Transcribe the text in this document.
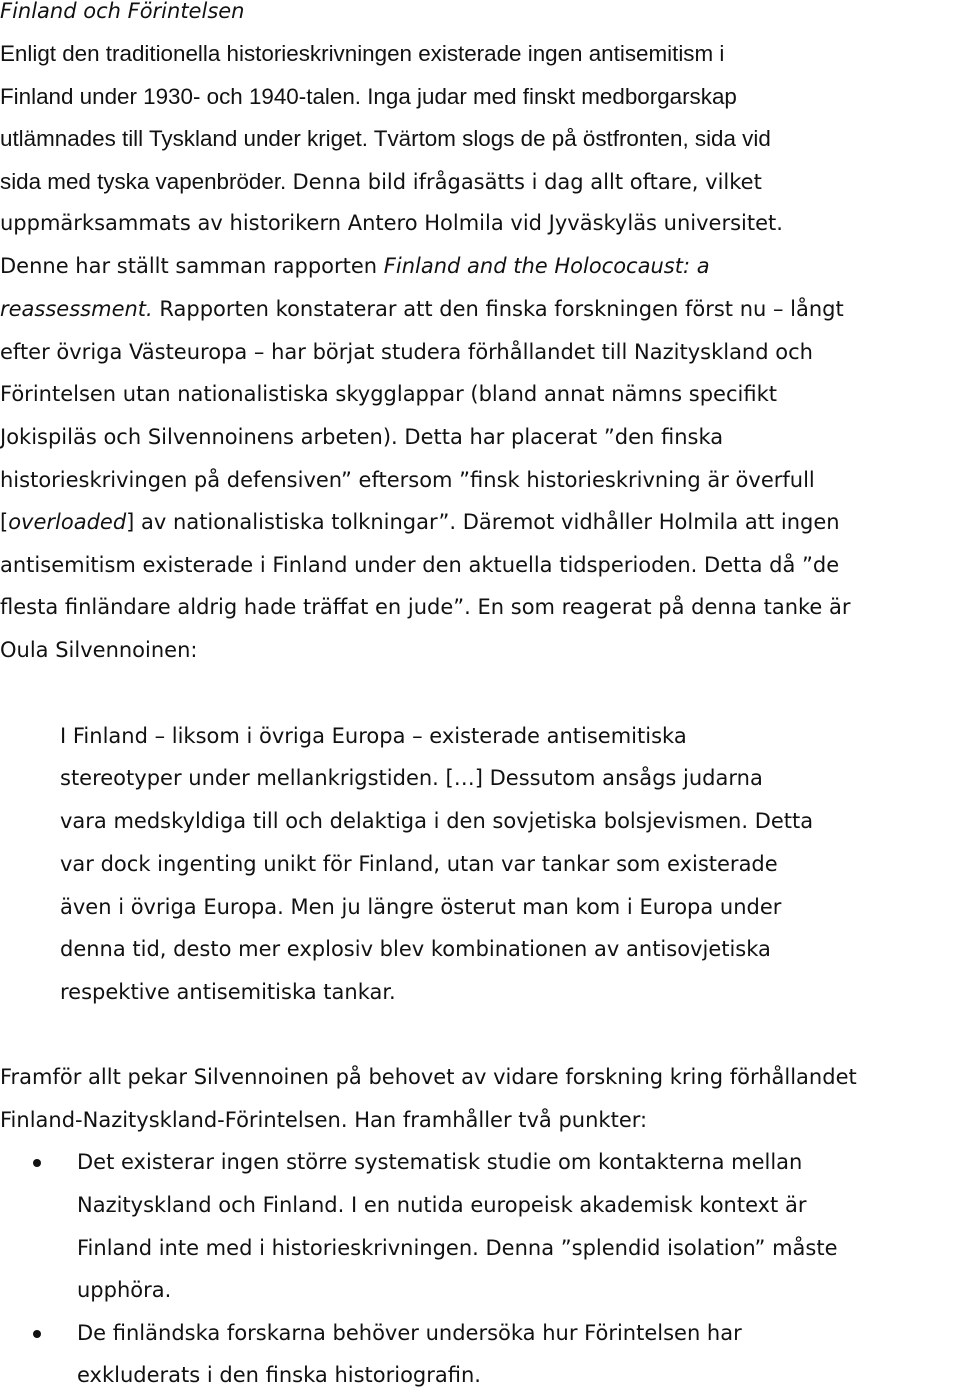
Finland och Förintelsen
Enligt den traditionella historieskrivningen existerade ingen antisemitism i
Finland under 1930- och 1940-talen. Inga judar med finskt medborgarskap
utlämnades till Tyskland under kriget. Tvärtom slogs de på östfronten, sida vid
sida med tyska vapenbröder. Denna bild ifrågasätts i dag allt oftare, vilket
uppmärksammats av historikern Antero Holmila vid Jyväskyläs universitet.
Denne har ställt samman rapporten Finland and the Holococaust: a
reassessment. Rapporten konstaterar att den finska forskningen först nu – långt
efter övriga Västeuropa – har börjat studera förhållandet till Nazityskland och
Förintelsen utan nationalistiska skygglappar (bland annat nämns specifikt
Jokispiläs och Silvennoinens arbeten). Detta har placerat ”den finska
historieskrivingen på defensiven” eftersom ”finsk historieskrivning är överfull
[overloaded] av nationalistiska tolkningar”. Däremot vidhåller Holmila att ingen
antisemitism existerade i Finland under den aktuella tidsperioden. Detta då ”de
flesta finländare aldrig hade träffat en jude”. En som reagerat på denna tanke är
Oula Silvennoinen:
I Finland – liksom i övriga Europa – existerade antisemitiska
stereotyper under mellankrigstiden. […] Dessutom ansågs judarna
vara medskyldiga till och delaktiga i den sovjetiska bolsjevismen. Detta
var dock ingenting unikt för Finland, utan var tankar som existerade
även i övriga Europa. Men ju längre österut man kom i Europa under
denna tid, desto mer explosiv blev kombinationen av antisovjetiska
respektive antisemitiska tankar.
Framför allt pekar Silvennoinen på behovet av vidare forskning kring förhållandet
Finland-Nazityskland-Förintelsen. Han framhåller två punkter:
Det existerar ingen större systematisk studie om kontakterna mellan
Nazityskland och Finland. I en nutida europeisk akademisk kontext är
Finland inte med i historieskrivningen. Denna ”splendid isolation” måste
upphöra.
De finländska forskarna behöver undersöka hur Förintelsen har
exkluderats i den finska historiografin.
